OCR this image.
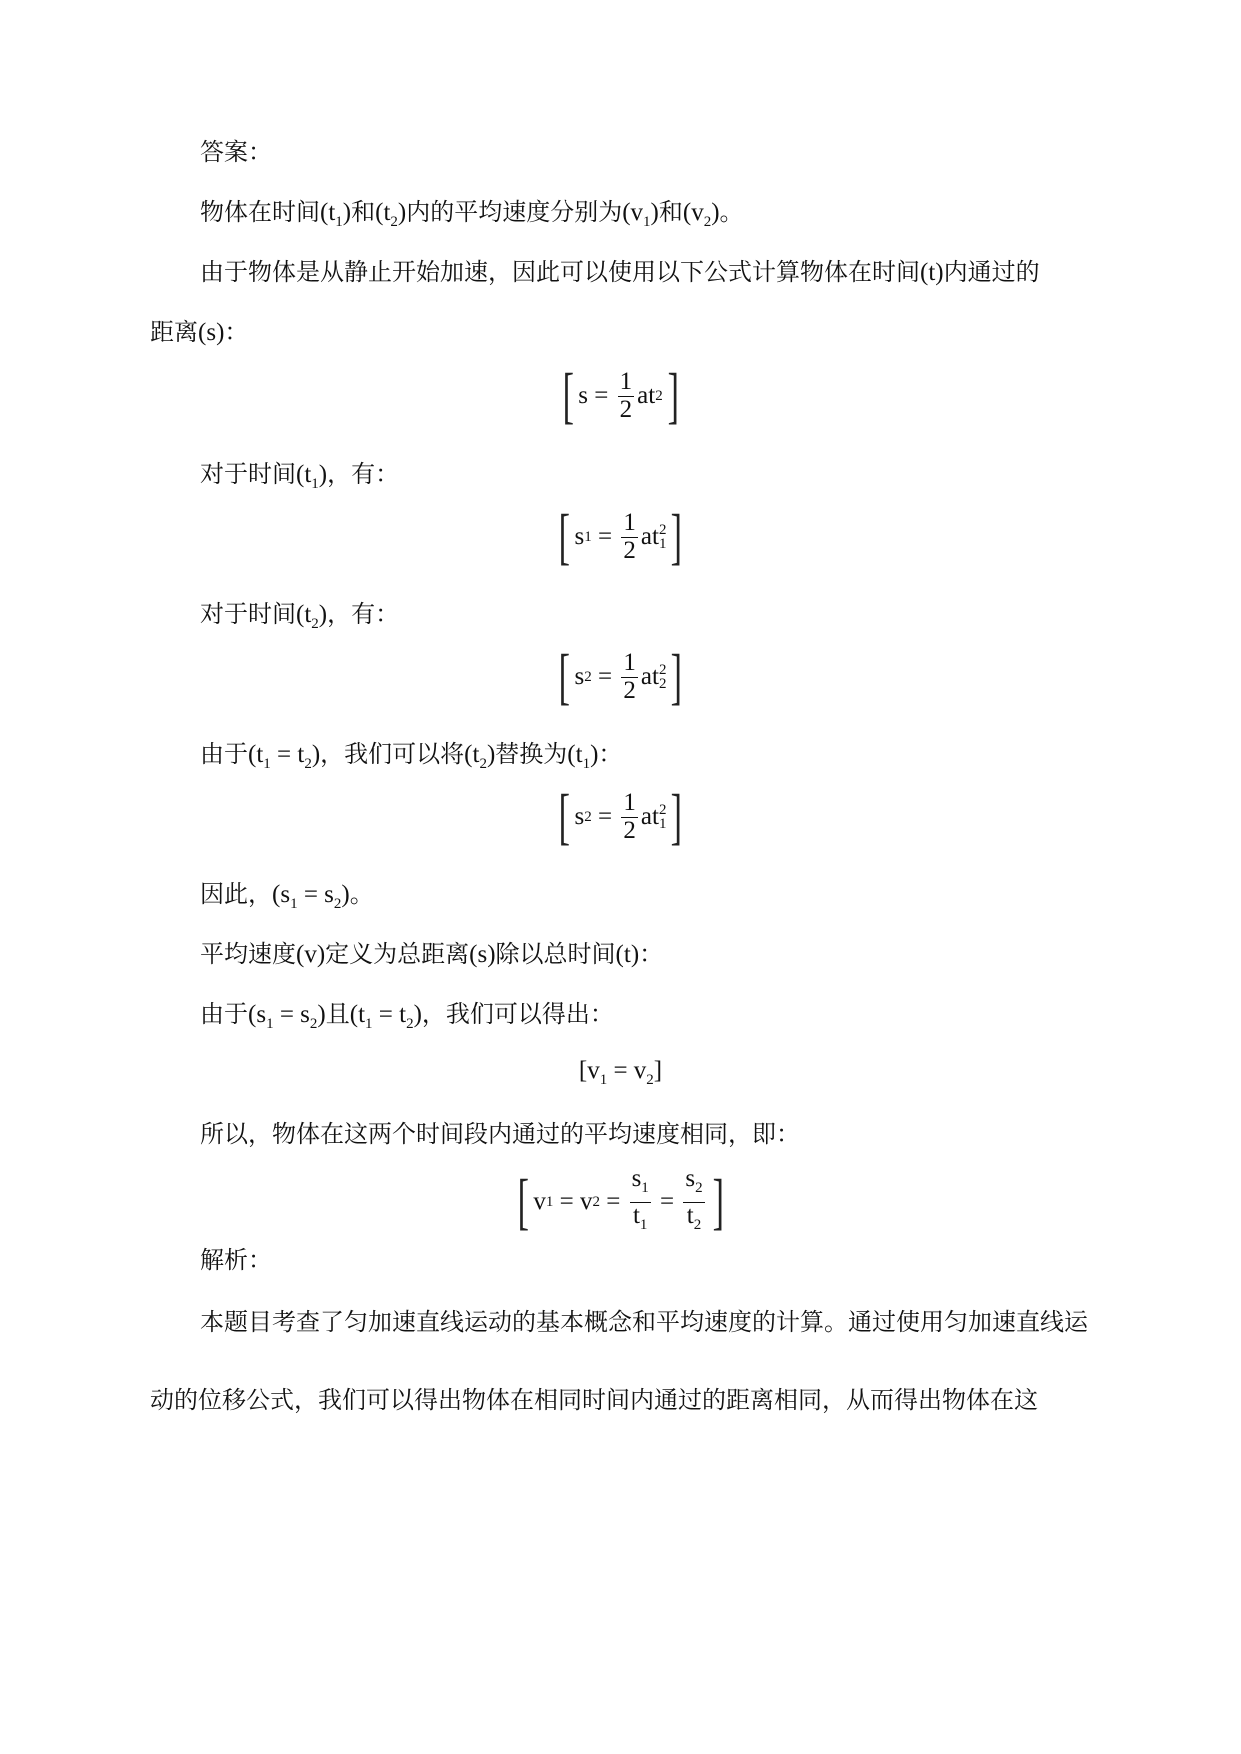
答案：
物体在时间$(t_1)$和$(t_2)$内的平均速度分别为$(v_1)$和$(v_2)$。
由于物体是从静止开始加速，因此可以使用以下公式计算物体在时间(t)内通过的
距离(s)：
[ $s = \frac{1}{2}$ at 2 ]
对于时间$(t_1)$，有：
[ s $1 = \frac{1}{2}$ at 2
1 ]
对于时间$(t_2)$，有：
[ s $2 = \frac{1}{2}$ at 2
2 ]
由于$(t_1 = t_2)$，我们可以将$(t_2)$替换为$(t_1)$：
[ s $2 = \frac{1}{2}$ at 2
1 ]
因此，$(s_1 = s_2)$。
平均速度(v)定义为总距离(s)除以总时间(t)：
由于$(s_1 = s_2)$且$(t_1 = t_2)$，我们可以得出：
$[v_1 = v_2]$
所以，物体在这两个时间段内通过的平均速度相同，即：
[ v 1 = v $2 = \frac{s_1}{t_1} = \frac{s_2}{t_2}$ ]
解析：
本题目考查了匀加速直线运动的基本概念和平均速度的计算。通过使用匀加速直线运动的位移公式，我们可以得出物体在相同时间内通过的距离相同，从而得出物体在这
